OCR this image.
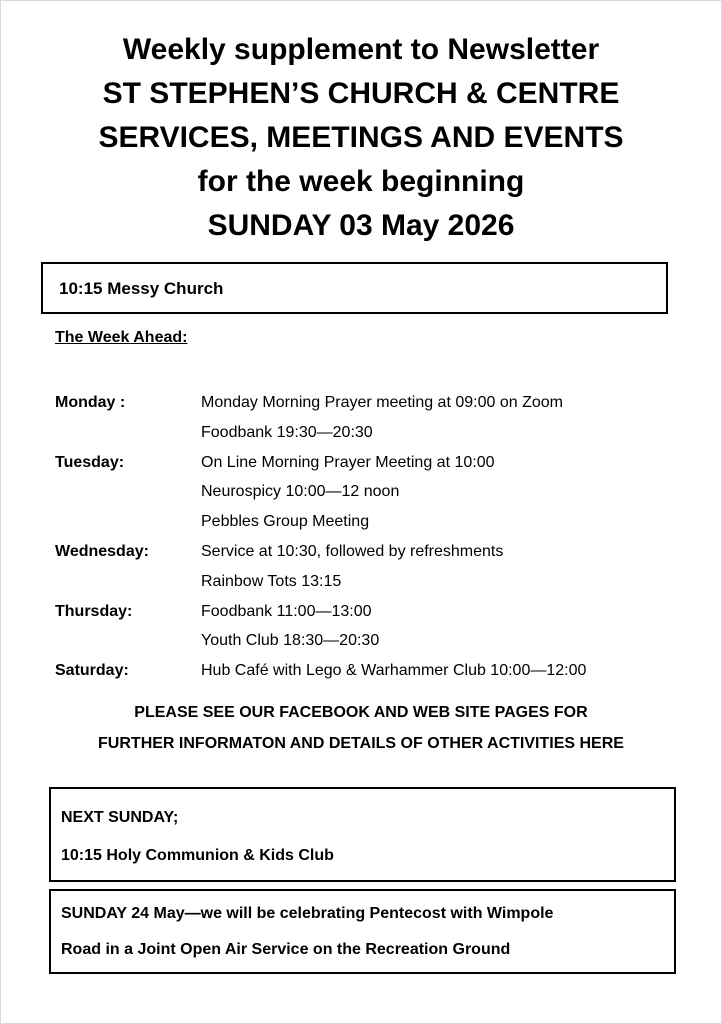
Weekly supplement to Newsletter
ST STEPHEN’S CHURCH & CENTRE
SERVICES, MEETINGS AND EVENTS
for the week beginning
SUNDAY 03 May 2026
10:15 Messy Church
The Week Ahead:
Monday :	Monday Morning Prayer meeting at 09:00 on Zoom
Foodbank 19:30—20:30
Tuesday:	On Line Morning Prayer Meeting at 10:00
Neurospicy 10:00—12 noon
Pebbles Group Meeting
Wednesday:	Service at 10:30, followed by refreshments
Rainbow Tots 13:15
Thursday:	Foodbank 11:00—13:00
Youth Club 18:30—20:30
Saturday:	Hub Café with Lego & Warhammer Club 10:00—12:00
PLEASE SEE OUR FACEBOOK AND WEB SITE PAGES FOR
FURTHER INFORMATON AND DETAILS OF OTHER ACTIVITIES HERE
NEXT SUNDAY;
10:15 Holy Communion & Kids Club
SUNDAY 24 May—we will be celebrating Pentecost with Wimpole
Road in a Joint Open Air Service on the Recreation Ground
